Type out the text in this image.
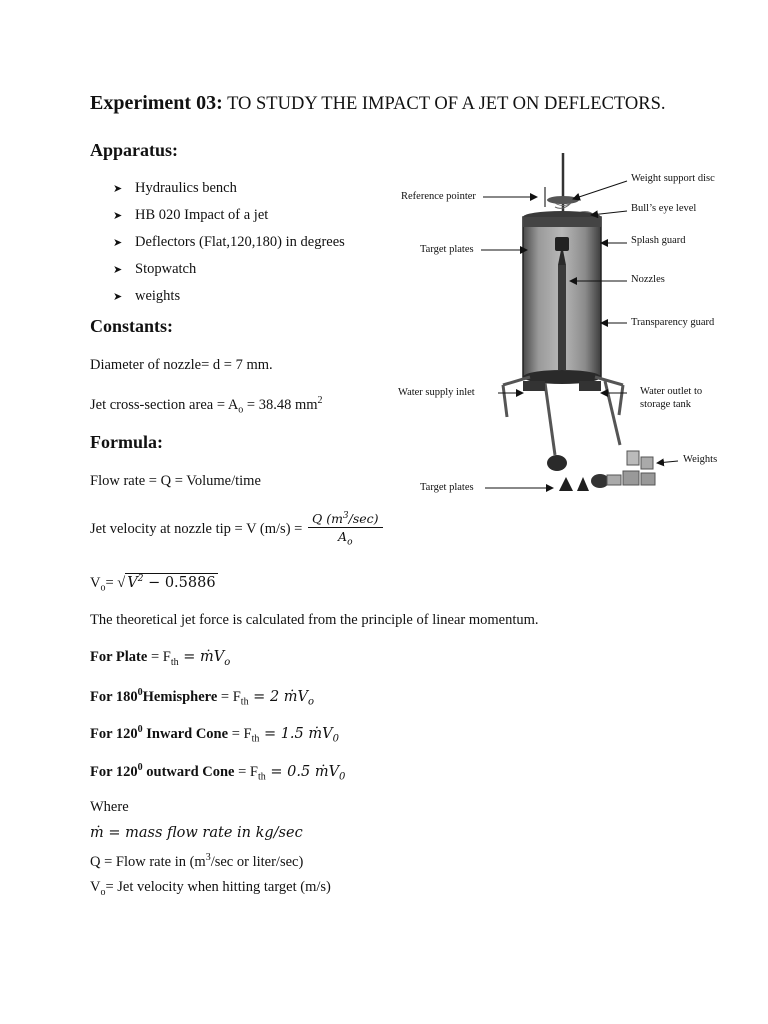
Experiment 03: TO STUDY THE IMPACT OF A JET ON DEFLECTORS.
Apparatus:
➤ Hydraulics bench
➤ HB 020 Impact of a jet
➤ Deflectors (Flat,120,180) in degrees
➤ Stopwatch
➤ weights
Constants:
Diameter of nozzle= d = 7 mm.
Jet cross-section area = $A_o = 38.48$ $mm^2$
Formula:
Flow rate = Q = Volume/time
Jet velocity at nozzle tip = V $(m/s) = \frac{Q (m^3/\sec)}{A_o}$
$V_o=$ √ $V^2 - 0.5886$
The theoretical jet force is calculated from the principle of linear momentum.
For Plate = $F_{th}$ = ṁV$_o$
For $180^0Hemisphere = F_{th} = 2$ ṁV$_o$
For $120^0$ Inward Cone = $F_{th} = 1.5$ ṁV$_0$
For $120^0$ outward Cone = $F_{th} = 0.5$ ṁV$_0$
Where
ṁ = mass flow rate in kg/sec
Q = Flow rate in ($m^3/\sec$ or liter/sec)
$V_o=$ Jet velocity when hitting target (m/s)
Reference pointer
Target plates
Water supply inlet
Target plates
Weight support disc
Bull’s eye level
Splash guard
Nozzles
Transparency guard
Water outlet to
storage tank
Weights
